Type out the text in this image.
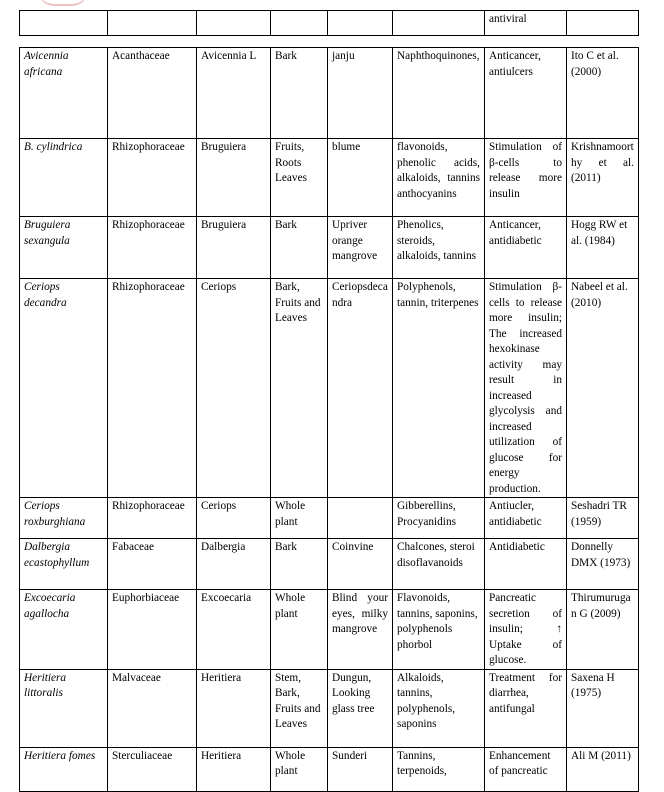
						antiviral	
Avicennia africana	Acanthaceae	Avicennia L	Bark	janju	Naphthoquinones,	Anticancer, antiulcers	Ito C et al. (2000)
B. cylindrica	Rhizophoraceae	Bruguiera	Fruits, Roots Leaves	blume	flavonoids, phenolic acids, alkaloids, tannins anthocyanins	Stimulation of β-cells to release more insulin	Krishnamoorthy et al. (2011)
Bruguiera sexangula	Rhizophoraceae	Bruguiera	Bark	Upriver orange mangrove	Phenolics, steroids, alkaloids, tannins	Anticancer, antidiabetic	Hogg RW et al. (1984)
Ceriops decandra	Rhizophoraceae	Ceriops	Bark, Fruits and Leaves	Ceriopsdecandra	Polyphenols, tannin, triterpenes	Stimulation β-cells to release more insulin; The increased hexokinase activity may result in increased glycolysis and increased utilization of glucose for energy production.	Nabeel et al. (2010)
Ceriops roxburghiana	Rhizophoraceae	Ceriops	Whole plant		Gibberellins, Procyanidins	Antiucler, antidiabetic	Seshadri TR (1959)
Dalbergia ecastophyllum	Fabaceae	Dalbergia	Bark	Coinvine	Chalcones, steroidisoflavanoids	Antidiabetic	Donnelly DMX (1973)
Excoecaria agallocha	Euphorbiaceae	Excoecaria	Whole plant	Blind your eyes, milky mangrove	Flavonoids, tannins, saponins, polyphenols phorbol	Pancreatic secretion of insulin; ↑ Uptake of glucose.	Thirumurugan G (2009)
Heritiera littoralis	Malvaceae	Heritiera	Stem, Bark, Fruits and Leaves	Dungun, Looking glass tree	Alkaloids, tannins, polyphenols, saponins	Treatment for diarrhea, antifungal	Saxena H (1975)
Heritiera fomes	Sterculiaceae	Heritiera	Whole plant	Sunderi	Tannins, terpenoids,	Enhancement of pancreatic	Ali M (2011)
